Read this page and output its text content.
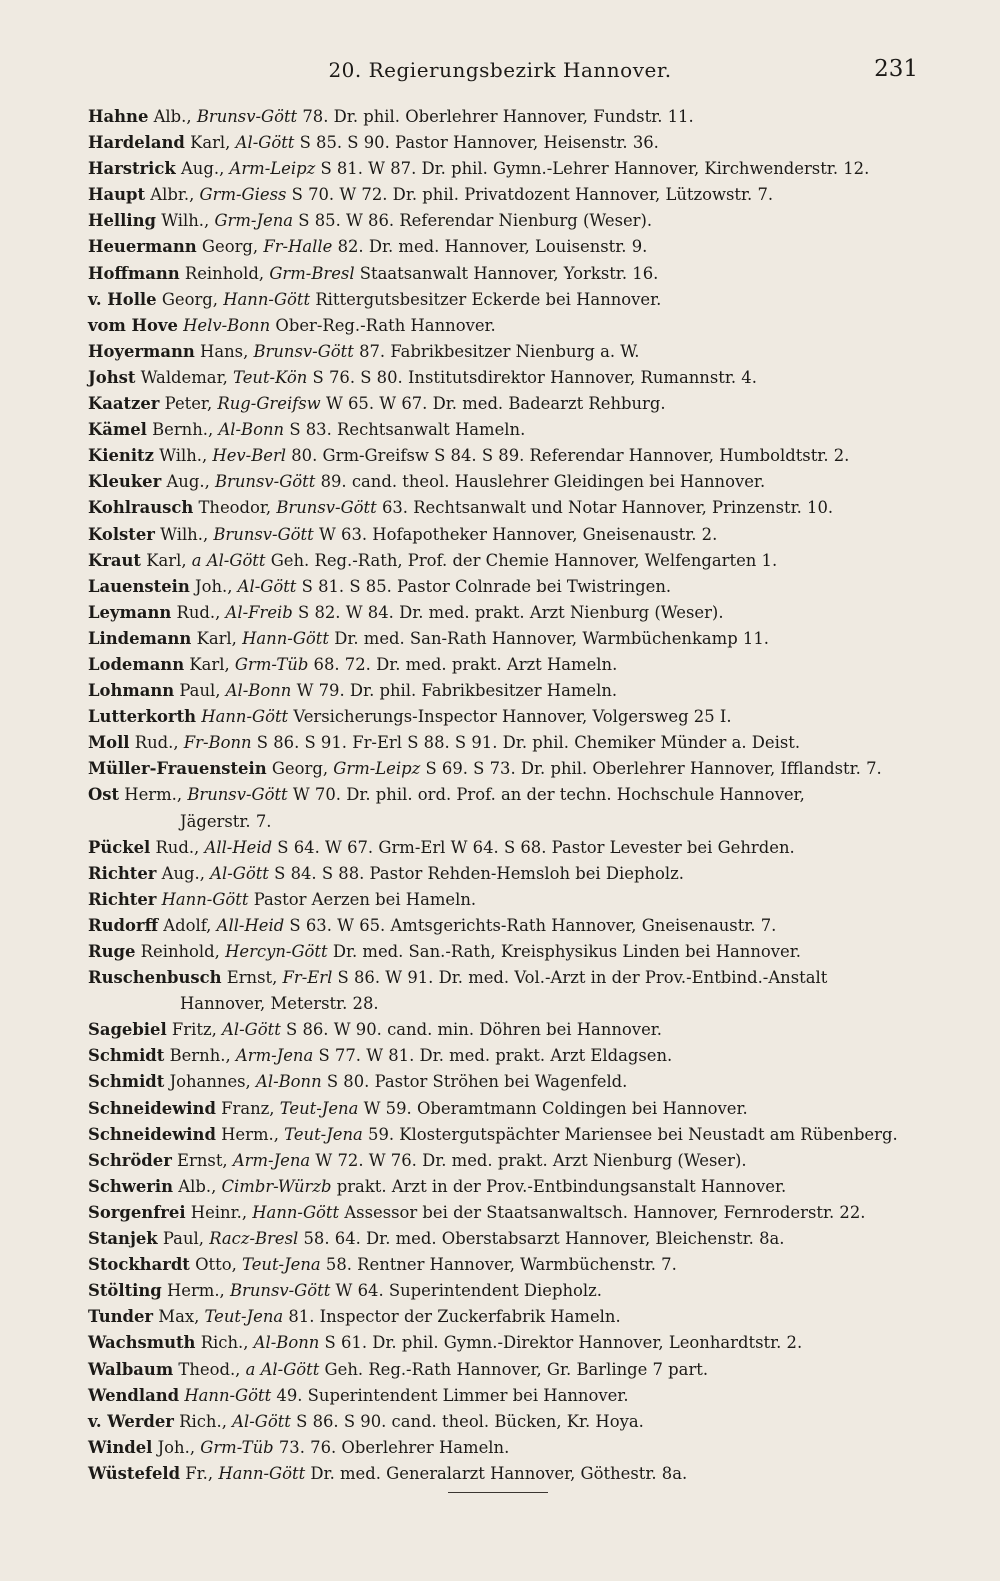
20. Regierungsbezirk Hannover.	231
Hahne Alb., Brunsv-Gött 78. Dr. phil. Oberlehrer Hannover, Fundstr. 11.
Hardeland Karl, Al-Gött S 85. S 90. Pastor Hannover, Heisenstr. 36.
Harstrick Aug., Arm-Leipz S 81. W 87. Dr. phil. Gymn.-Lehrer Hannover, Kirchwenderstr. 12.
Haupt Albr., Grm-Giess S 70. W 72. Dr. phil. Privatdozent Hannover, Lützowstr. 7.
Helling Wilh., Grm-Jena S 85. W 86. Referendar Nienburg (Weser).
Heuermann Georg, Fr-Halle 82. Dr. med. Hannover, Louisenstr. 9.
Hoffmann Reinhold, Grm-Bresl Staatsanwalt Hannover, Yorkstr. 16.
v. Holle Georg, Hann-Gött Rittergutsbesitzer Eckerde bei Hannover.
vom Hove Helv-Bonn Ober-Reg.-Rath Hannover.
Hoyermann Hans, Brunsv-Gött 87. Fabrikbesitzer Nienburg a. W.
Johst Waldemar, Teut-Kön S 76. S 80. Institutsdirektor Hannover, Rumannstr. 4.
Kaatzer Peter, Rug-Greifsw W 65. W 67. Dr. med. Badearzt Rehburg.
Kämel Bernh., Al-Bonn S 83. Rechtsanwalt Hameln.
Kienitz Wilh., Hev-Berl 80. Grm-Greifsw S 84. S 89. Referendar Hannover, Humboldtstr. 2.
Kleuker Aug., Brunsv-Gött 89. cand. theol. Hauslehrer Gleidingen bei Hannover.
Kohlrausch Theodor, Brunsv-Gött 63. Rechtsanwalt und Notar Hannover, Prinzenstr. 10.
Kolster Wilh., Brunsv-Gött W 63. Hofapotheker Hannover, Gneisenaustr. 2.
Kraut Karl, a Al-Gött Geh. Reg.-Rath, Prof. der Chemie Hannover, Welfengarten 1.
Lauenstein Joh., Al-Gött S 81. S 85. Pastor Colnrade bei Twistringen.
Leymann Rud., Al-Freib S 82. W 84. Dr. med. prakt. Arzt Nienburg (Weser).
Lindemann Karl, Hann-Gött Dr. med. San-Rath Hannover, Warmbüchenkamp 11.
Lodemann Karl, Grm-Tüb 68. 72. Dr. med. prakt. Arzt Hameln.
Lohmann Paul, Al-Bonn W 79. Dr. phil. Fabrikbesitzer Hameln.
Lutterkorth Hann-Gött Versicherungs-Inspector Hannover, Volgersweg 25 I.
Moll Rud., Fr-Bonn S 86. S 91. Fr-Erl S 88. S 91. Dr. phil. Chemiker Münder a. Deist.
Müller-Frauenstein Georg, Grm-Leipz S 69. S 73. Dr. phil. Oberlehrer Hannover, Ifflandstr. 7.
Ost Herm., Brunsv-Gött W 70. Dr. phil. ord. Prof. an der techn. Hochschule Hannover,
Jägerstr. 7.
Pückel Rud., All-Heid S 64. W 67. Grm-Erl W 64. S 68. Pastor Levester bei Gehrden.
Richter Aug., Al-Gött S 84. S 88. Pastor Rehden-Hemsloh bei Diepholz.
Richter Hann-Gött Pastor Aerzen bei Hameln.
Rudorff Adolf, All-Heid S 63. W 65. Amtsgerichts-Rath Hannover, Gneisenaustr. 7.
Ruge Reinhold, Hercyn-Gött Dr. med. San.-Rath, Kreisphysikus Linden bei Hannover.
Ruschenbusch Ernst, Fr-Erl S 86. W 91. Dr. med. Vol.-Arzt in der Prov.-Entbind.-Anstalt
Hannover, Meterstr. 28.
Sagebiel Fritz, Al-Gött S 86. W 90. cand. min. Döhren bei Hannover.
Schmidt Bernh., Arm-Jena S 77. W 81. Dr. med. prakt. Arzt Eldagsen.
Schmidt Johannes, Al-Bonn S 80. Pastor Ströhen bei Wagenfeld.
Schneidewind Franz, Teut-Jena W 59. Oberamtmann Coldingen bei Hannover.
Schneidewind Herm., Teut-Jena 59. Klostergutspächter Mariensee bei Neustadt am Rübenberg.
Schröder Ernst, Arm-Jena W 72. W 76. Dr. med. prakt. Arzt Nienburg (Weser).
Schwerin Alb., Cimbr-Würzb prakt. Arzt in der Prov.-Entbindungsanstalt Hannover.
Sorgenfrei Heinr., Hann-Gött Assessor bei der Staatsanwaltsch. Hannover, Fernroderstr. 22.
Stanjek Paul, Racz-Bresl 58. 64. Dr. med. Oberstabsarzt Hannover, Bleichenstr. 8a.
Stockhardt Otto, Teut-Jena 58. Rentner Hannover, Warmbüchenstr. 7.
Stölting Herm., Brunsv-Gött W 64. Superintendent Diepholz.
Tunder Max, Teut-Jena 81. Inspector der Zuckerfabrik Hameln.
Wachsmuth Rich., Al-Bonn S 61. Dr. phil. Gymn.-Direktor Hannover, Leonhardtstr. 2.
Walbaum Theod., a Al-Gött Geh. Reg.-Rath Hannover, Gr. Barlinge 7 part.
Wendland Hann-Gött 49. Superintendent Limmer bei Hannover.
v. Werder Rich., Al-Gött S 86. S 90. cand. theol. Bücken, Kr. Hoya.
Windel Joh., Grm-Tüb 73. 76. Oberlehrer Hameln.
Wüstefeld Fr., Hann-Gött Dr. med. Generalarzt Hannover, Göthestr. 8a.
